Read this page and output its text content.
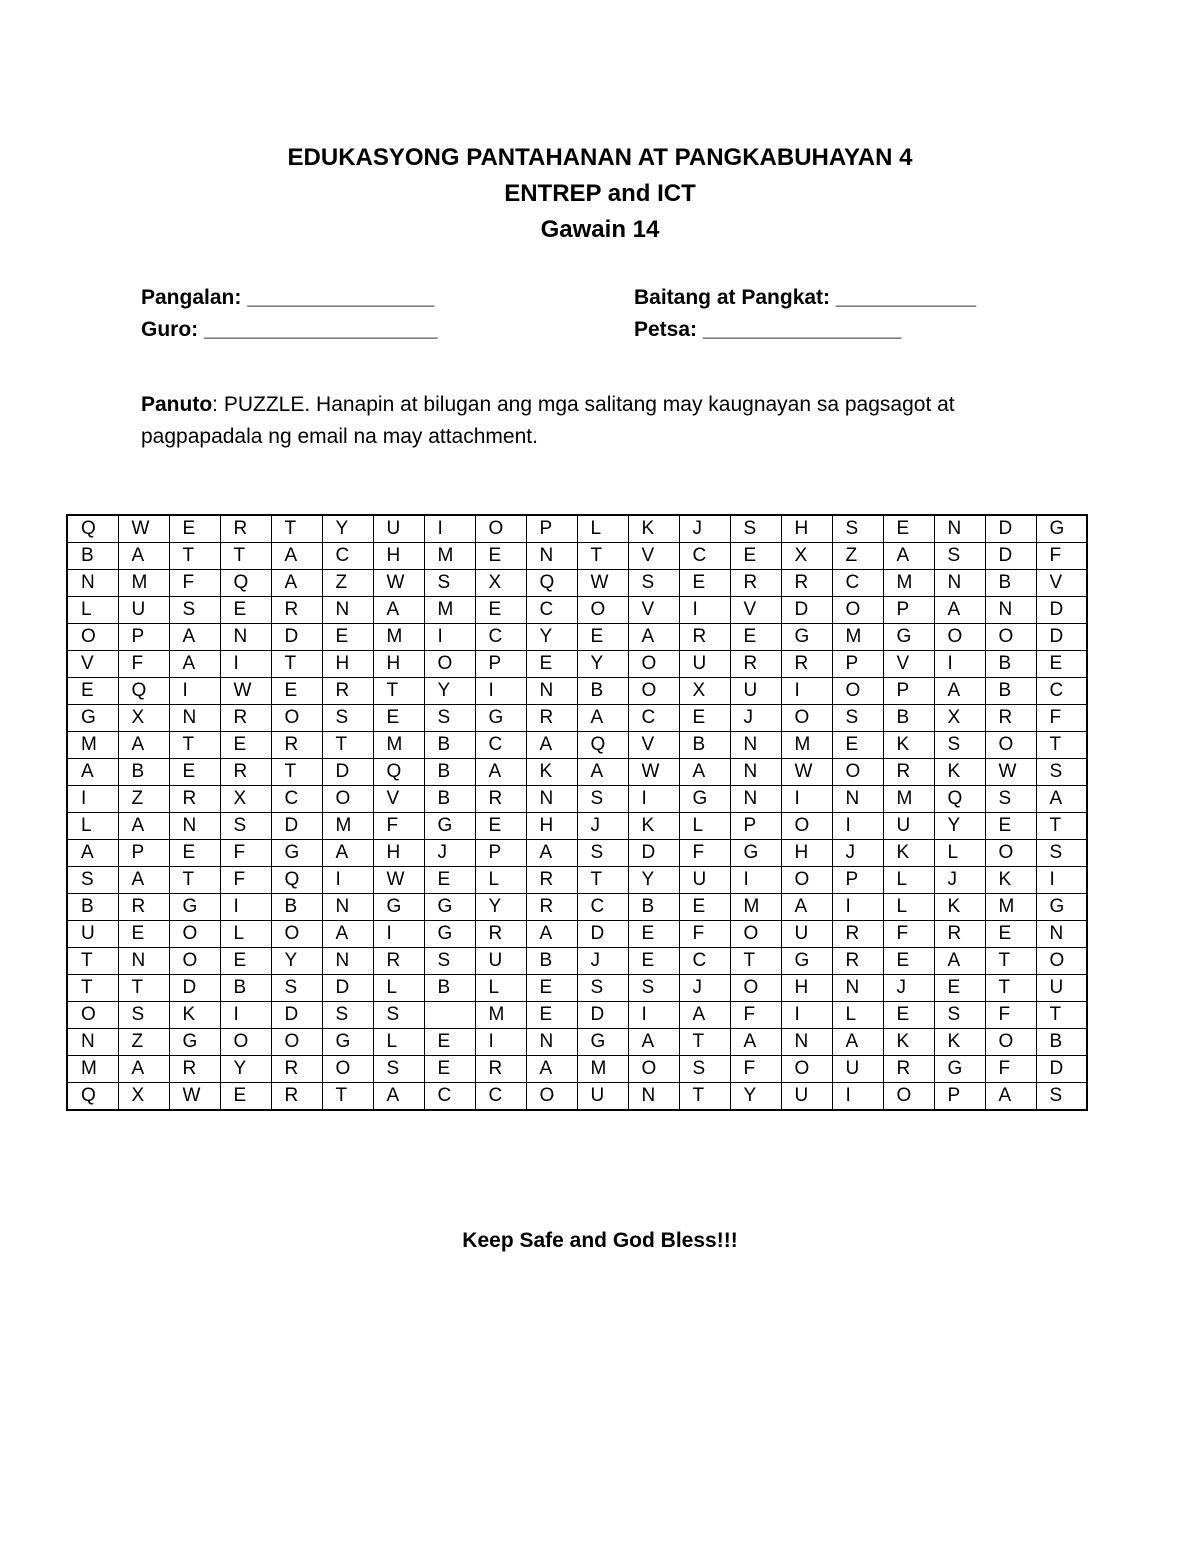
EDUKASYONG PANTAHANAN AT PANGKABUHAYAN 4
ENTREP and ICT
Gawain 14
Pangalan: ________________	Baitang at Pangkat: ____________
Guro: ____________________	Petsa: _________________
Panuto: PUZZLE. Hanapin at bilugan ang mga salitang may kaugnayan sa pagsagot at pagpapadala ng email na may attachment.
Q	W	E	R	T	Y	U	I	O	P	L	K	J	S	H	S	E	N	D	G
B	A	T	T	A	C	H	M	E	N	T	V	C	E	X	Z	A	S	D	F
N	M	F	Q	A	Z	W	S	X	Q	W	S	E	R	R	C	M	N	B	V
L	U	S	E	R	N	A	M	E	C	O	V	I	V	D	O	P	A	N	D
O	P	A	N	D	E	M	I	C	Y	E	A	R	E	G	M	G	O	O	D
V	F	A	I	T	H	H	O	P	E	Y	O	U	R	R	P	V	I	B	E
E	Q	I	W	E	R	T	Y	I	N	B	O	X	U	I	O	P	A	B	C
G	X	N	R	O	S	E	S	G	R	A	C	E	J	O	S	B	X	R	F
M	A	T	E	R	T	M	B	C	A	Q	V	B	N	M	E	K	S	O	T
A	B	E	R	T	D	Q	B	A	K	A	W	A	N	W	O	R	K	W	S
I	Z	R	X	C	O	V	B	R	N	S	I	G	N	I	N	M	Q	S	A
L	A	N	S	D	M	F	G	E	H	J	K	L	P	O	I	U	Y	E	T
A	P	E	F	G	A	H	J	P	A	S	D	F	G	H	J	K	L	O	S
S	A	T	F	Q	I	W	E	L	R	T	Y	U	I	O	P	L	J	K	I
B	R	G	I	B	N	G	G	Y	R	C	B	E	M	A	I	L	K	M	G
U	E	O	L	O	A	I	G	R	A	D	E	F	O	U	R	F	R	E	N
T	N	O	E	Y	N	R	S	U	B	J	E	C	T	G	R	E	A	T	O
T	T	D	B	S	D	L	B	L	E	S	S	J	O	H	N	J	E	T	U
O	S	K	I	D	S	S		M	E	D	I	A	F	I	L	E	S	F	T
N	Z	G	O	O	G	L	E	I	N	G	A	T	A	N	A	K	K	O	B
M	A	R	Y	R	O	S	E	R	A	M	O	S	F	O	U	R	G	F	D
Q	X	W	E	R	T	A	C	C	O	U	N	T	Y	U	I	O	P	A	S
Keep Safe and God Bless!!!
